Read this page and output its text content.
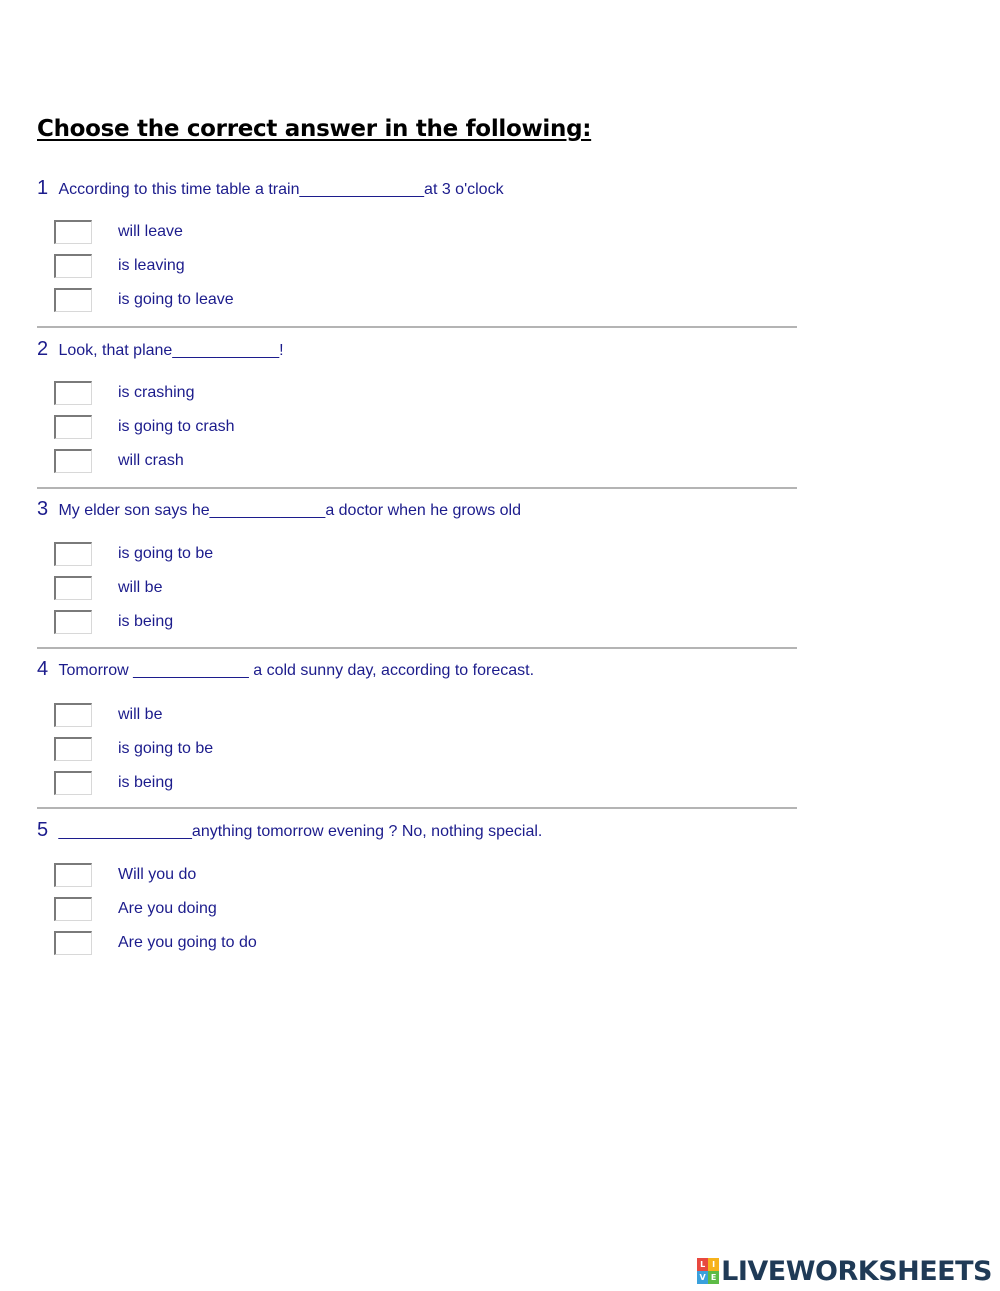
Choose the correct answer in the following:
1 According to this time table a train______________at 3 o'clock
will leave
is leaving
is going to leave
2 Look, that plane____________!
is crashing
is going to crash
will crash
3 My elder son says he_____________a doctor when he grows old
is going to be
will be
is being
4 Tomorrow _____________ a cold sunny day, according to forecast.
will be
is going to be
is being
5 _______________anything tomorrow evening ? No, nothing special.
Will you do
Are you doing
Are you going to do
L I
V E LIVEWORKSHEETS
